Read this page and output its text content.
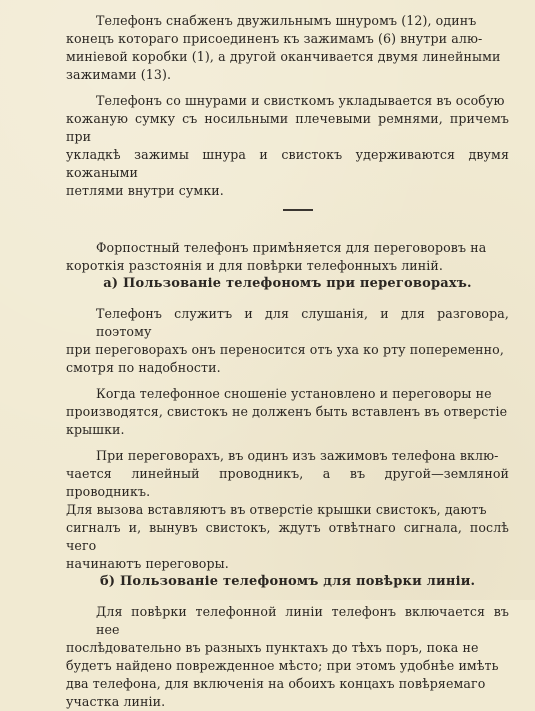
Телефонъ снабженъ двужильнымъ шнуромъ (12), одинъ
конецъ котораго присоединенъ къ зажимамъ (6) внутри алю-
миніевой коробки (1), а другой оканчивается двумя линейными
зажимами (13).

Телефонъ со шнурами и свисткомъ укладывается въ особую
кожаную сумку съ носильными плечевыми ремнями, причемъ при
укладкѣ зажимы шнура и свистокъ удерживаются двумя кожаными
петлями внутри сумки.

Форпостный телефонъ примѣняется для переговоровъ на
короткія разстоянія и для повѣрки телефонныхъ линій.

а) Пользованіе телефономъ при переговорахъ.

Телефонъ служитъ и для слушанія, и для разговора, поэтому
при переговорахъ онъ переносится отъ уха ко рту попеременно,
смотря по надобности.

Когда телефонное сношеніе установлено и переговоры не
производятся, свистокъ не долженъ быть вставленъ въ отверстіе
крышки.

При переговорахъ, въ одинъ изъ зажимовъ телефона вклю-
чается линейный проводникъ, а въ другой—земляной проводникъ.
Для вызова вставляютъ въ отверстіе крышки свистокъ, даютъ
сигналъ и, вынувъ свистокъ, ждутъ отвѣтнаго сигнала, послѣ чего
начинаютъ переговоры.

б) Пользованіе телефономъ для повѣрки линіи.

Для повѣрки телефонной линіи телефонъ включается въ нее
послѣдовательно въ разныхъ пунктахъ до тѣхъ поръ, пока не
будетъ найдено поврежденное мѣсто; при этомъ удобнѣе имѣть
два телефона, для включенія на обоихъ концахъ повѣряемаго
участка линіи.
